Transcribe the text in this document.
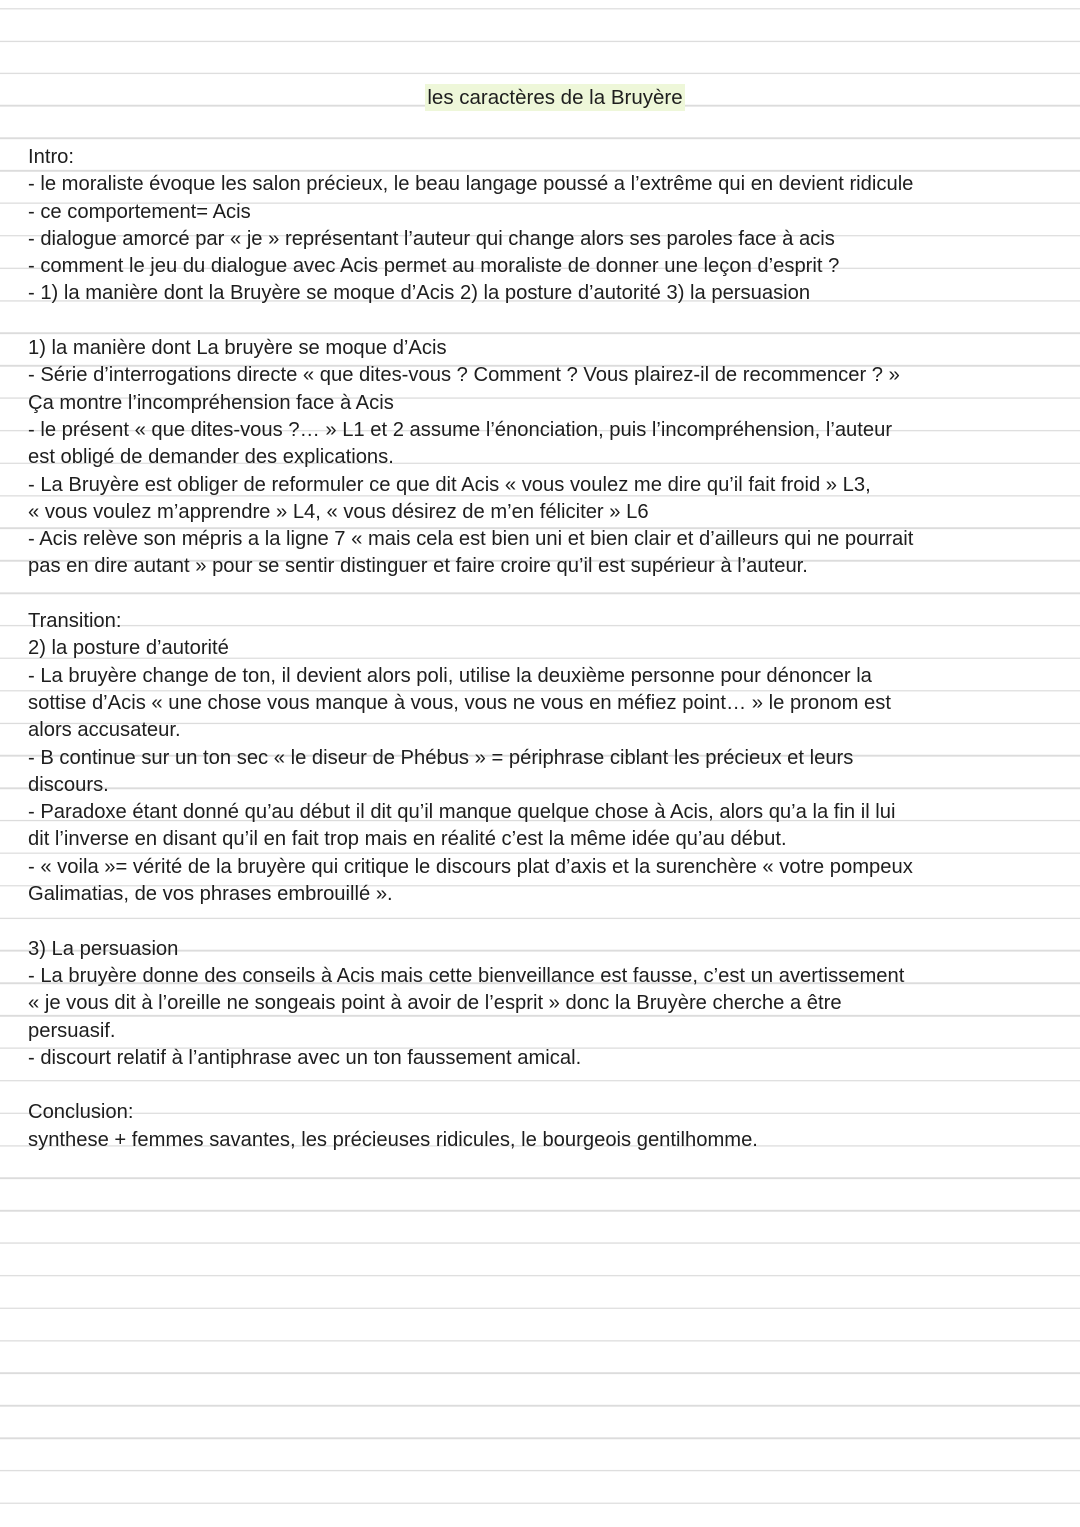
les caractères de la Bruyère
Intro:
- le moraliste évoque les salon précieux, le beau langage poussé a l’extrême qui en devient ridicule
- ce comportement= Acis
- dialogue amorcé par « je » représentant l’auteur qui change alors ses paroles face à acis
- comment le jeu du dialogue avec Acis permet au moraliste de donner une leçon d’esprit ?
- 1) la manière dont la Bruyère se moque d’Acis 2) la posture d’autorité 3) la persuasion
1) la manière dont La bruyère se moque d’Acis
- Série d’interrogations directe « que dites-vous ? Comment ? Vous plairez-il de recommencer ? »
Ça montre l’incompréhension face à Acis
- le présent « que dites-vous ?… » L1 et 2 assume l’énonciation, puis l’incompréhension, l’auteur
est obligé de demander des explications.
- La Bruyère est obliger de reformuler ce que dit Acis « vous voulez me dire qu’il fait froid » L3,
« vous voulez m’apprendre » L4, « vous désirez de m’en féliciter » L6
- Acis relève son mépris a la ligne 7 « mais cela est bien uni et bien clair et d’ailleurs qui ne pourrait
pas en dire autant » pour se sentir distinguer et faire croire qu’il est supérieur à l’auteur.
Transition:
2) la posture d’autorité
- La bruyère change de ton, il devient alors poli, utilise la deuxième personne pour dénoncer la
sottise d’Acis « une chose vous manque à vous, vous ne vous en méfiez point… » le pronom est
alors accusateur.
- B continue sur un ton sec « le diseur de Phébus » = périphrase ciblant les précieux et leurs
discours.
- Paradoxe étant donné qu’au début il dit qu’il manque quelque chose à Acis, alors qu’a la fin il lui
dit l’inverse en disant qu’il en fait trop mais en réalité c’est la même idée qu’au début.
- « voila »= vérité de la bruyère qui critique le discours plat d’axis et la surenchère « votre pompeux
Galimatias, de vos phrases embrouillé ».
3) La persuasion
- La bruyère donne des conseils à Acis mais cette bienveillance est fausse, c’est un avertissement
« je vous dit à l’oreille ne songeais point à avoir de l’esprit » donc la Bruyère cherche a être
persuasif.
- discourt relatif à l’antiphrase avec un ton faussement amical.
Conclusion:
synthese + femmes savantes, les précieuses ridicules, le bourgeois gentilhomme.
